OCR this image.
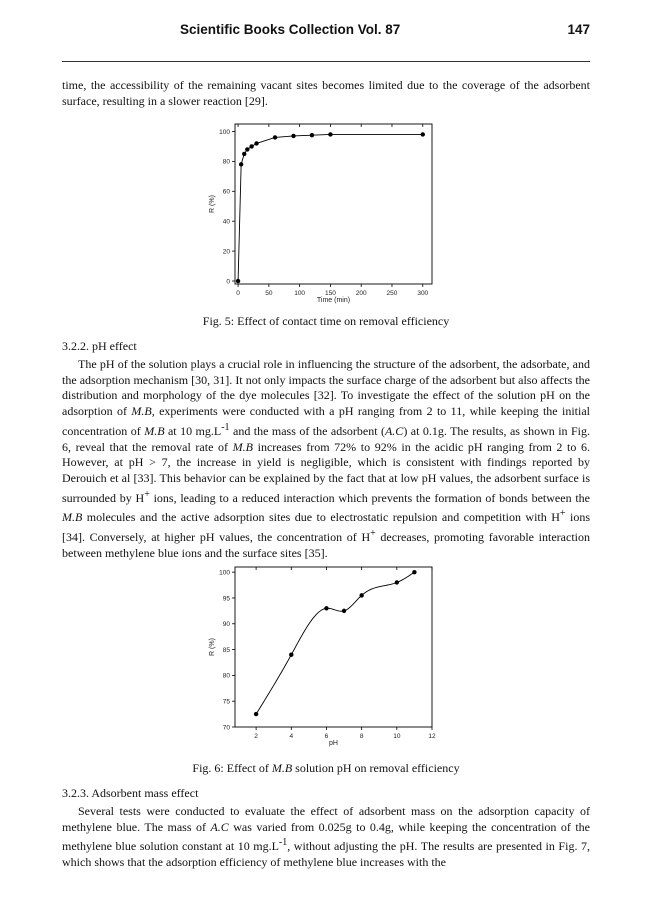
Scientific Books Collection Vol. 87	147

time, the accessibility of the remaining vacant sites becomes limited due to the coverage of the adsorbent surface, resulting in a slower reaction [29].

0	50	100	150	200	250	300
0
20
40
60
80
100
Time (min)
R (%)
Fig. 5: Effect of contact time on removal efficiency
3.2.2. pH effect

The pH of the solution plays a crucial role in influencing the structure of the adsorbent, the adsorbate, and the adsorption mechanism [30, 31]. It not only impacts the surface charge of the adsorbent but also affects the distribution and morphology of the dye molecules [32]. To investigate the effect of the solution pH on the adsorption of M.B, experiments were conducted with a pH ranging from 2 to 11, while keeping the initial concentration of M.B at 10 $mg.L^{-1}$ and the mass of the adsorbent (A.C) at 0.1g. The results, as shown in Fig. 6, reveal that the removal rate of M.B increases from 72% to 92% in the acidic pH ranging from 2 to 6. However, at pH > 7, the increase in yield is negligible, which is consistent with findings reported by Derouich et al [33]. This behavior can be explained by the fact that at low pH values, the adsorbent surface is surrounded by H+ ions, leading to a reduced interaction which prevents the formation of bonds between the M.B molecules and the active adsorption sites due to electrostatic repulsion and competition with H+ ions [34]. Conversely, at higher pH values, the concentration of H+ decreases, promoting favorable interaction between methylene blue ions and the surface sites [35].

2	4	6	8	10	12
70
75
80
85
90
95
100
pH
R (%)
Fig. 6: Effect of M.B solution pH on removal efficiency
3.2.3. Adsorbent mass effect

Several tests were conducted to evaluate the effect of adsorbent mass on the adsorption capacity of methylene blue. The mass of A.C was varied from 0.025g to 0.4g, while keeping the concentration of the methylene blue solution constant at 10 $mg.L^{-1}$, without adjusting the pH. The results are presented in Fig. 7, which shows that the adsorption efficiency of methylene blue increases with the
